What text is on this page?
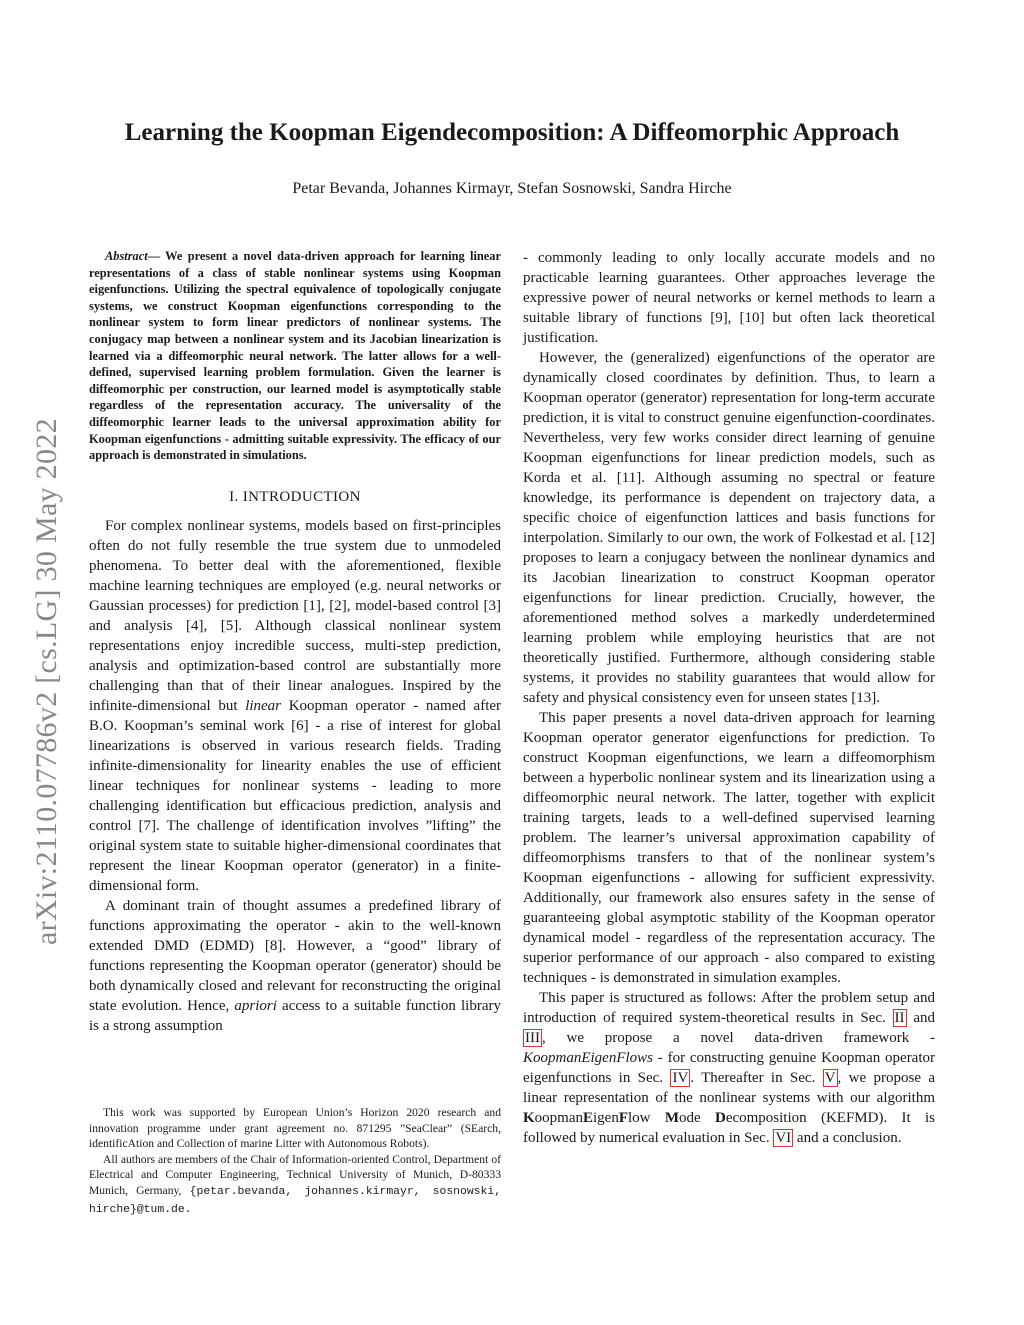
Learning the Koopman Eigendecomposition: A Diffeomorphic Approach
Petar Bevanda, Johannes Kirmayr, Stefan Sosnowski, Sandra Hirche
arXiv:2110.07786v2 [cs.LG] 30 May 2022
Abstract— We present a novel data-driven approach for learning linear representations of a class of stable nonlinear systems using Koopman eigenfunctions. Utilizing the spectral equivalence of topologically conjugate systems, we construct Koopman eigenfunctions corresponding to the nonlinear system to form linear predictors of nonlinear systems. The conjugacy map between a nonlinear system and its Jacobian linearization is learned via a diffeomorphic neural network. The latter allows for a well-defined, supervised learning problem formulation. Given the learner is diffeomorphic per construction, our learned model is asymptotically stable regardless of the representation accuracy. The universality of the diffeomorphic learner leads to the universal approximation ability for Koopman eigenfunctions - admitting suitable expressivity. The efficacy of our approach is demonstrated in simulations.
I. INTRODUCTION

For complex nonlinear systems, models based on first-principles often do not fully resemble the true system due to unmodeled phenomena. To better deal with the aforementioned, flexible machine learning techniques are employed (e.g. neural networks or Gaussian processes) for prediction [1], [2], model-based control [3] and analysis [4], [5]. Although classical nonlinear system representations enjoy incredible success, multi-step prediction, analysis and optimization-based control are substantially more challenging than that of their linear analogues. Inspired by the infinite-dimensional but linear Koopman operator - named after B.O. Koopman’s seminal work [6] - a rise of interest for global linearizations is observed in various research fields. Trading infinite-dimensionality for linearity enables the use of efficient linear techniques for nonlinear systems - leading to more challenging identification but efficacious prediction, analysis and control [7]. The challenge of identification involves ”lifting” the original system state to suitable higher-dimensional coordinates that represent the linear Koopman operator (generator) in a finite-dimensional form.

A dominant train of thought assumes a predefined library of functions approximating the operator - akin to the well-known extended DMD (EDMD) [8]. However, a “good” library of functions representing the Koopman operator (generator) should be both dynamically closed and relevant for reconstructing the original state evolution. Hence, apriori access to a suitable function library is a strong assumption

This work was supported by European Union’s Horizon 2020 research and innovation programme under grant agreement no. 871295 ”SeaClear” (SEarch, identificAtion and Collection of marine Litter with Autonomous Robots).

All authors are members of the Chair of Information-oriented Control, Department of Electrical and Computer Engineering, Technical University of Munich, D-80333 Munich, Germany, {petar.bevanda, johannes.kirmayr, sosnowski, hirche}@tum.de.

- commonly leading to only locally accurate models and no practicable learning guarantees. Other approaches leverage the expressive power of neural networks or kernel methods to learn a suitable library of functions [9], [10] but often lack theoretical justification.

However, the (generalized) eigenfunctions of the operator are dynamically closed coordinates by definition. Thus, to learn a Koopman operator (generator) representation for long-term accurate prediction, it is vital to construct genuine eigenfunction-coordinates. Nevertheless, very few works consider direct learning of genuine Koopman eigenfunctions for linear prediction models, such as Korda et al. [11]. Although assuming no spectral or feature knowledge, its performance is dependent on trajectory data, a specific choice of eigenfunction lattices and basis functions for interpolation. Similarly to our own, the work of Folkestad et al. [12] proposes to learn a conjugacy between the nonlinear dynamics and its Jacobian linearization to construct Koopman operator eigenfunctions for linear prediction. Crucially, however, the aforementioned method solves a markedly underdetermined learning problem while employing heuristics that are not theoretically justified. Furthermore, although considering stable systems, it provides no stability guarantees that would allow for safety and physical consistency even for unseen states [13].

This paper presents a novel data-driven approach for learning Koopman operator generator eigenfunctions for prediction. To construct Koopman eigenfunctions, we learn a diffeomorphism between a hyperbolic nonlinear system and its linearization using a diffeomorphic neural network. The latter, together with explicit training targets, leads to a well-defined supervised learning problem. The learner’s universal approximation capability of diffeomorphisms transfers to that of the nonlinear system’s Koopman eigenfunctions - allowing for sufficient expressivity. Additionally, our framework also ensures safety in the sense of guaranteeing global asymptotic stability of the Koopman operator dynamical model - regardless of the representation accuracy. The superior performance of our approach - also compared to existing techniques - is demonstrated in simulation examples.

This paper is structured as follows: After the problem setup and introduction of required system-theoretical results in Sec. II and III , we propose a novel data-driven framework - KoopmanEigenFlows - for constructing genuine Koopman operator eigenfunctions in Sec. IV . Thereafter in Sec. V , we propose a linear representation of the nonlinear systems with our algorithm KoopmanEigenFlow Mode Decomposition (KEFMD). It is followed by numerical evaluation in Sec. VI and a conclusion.
